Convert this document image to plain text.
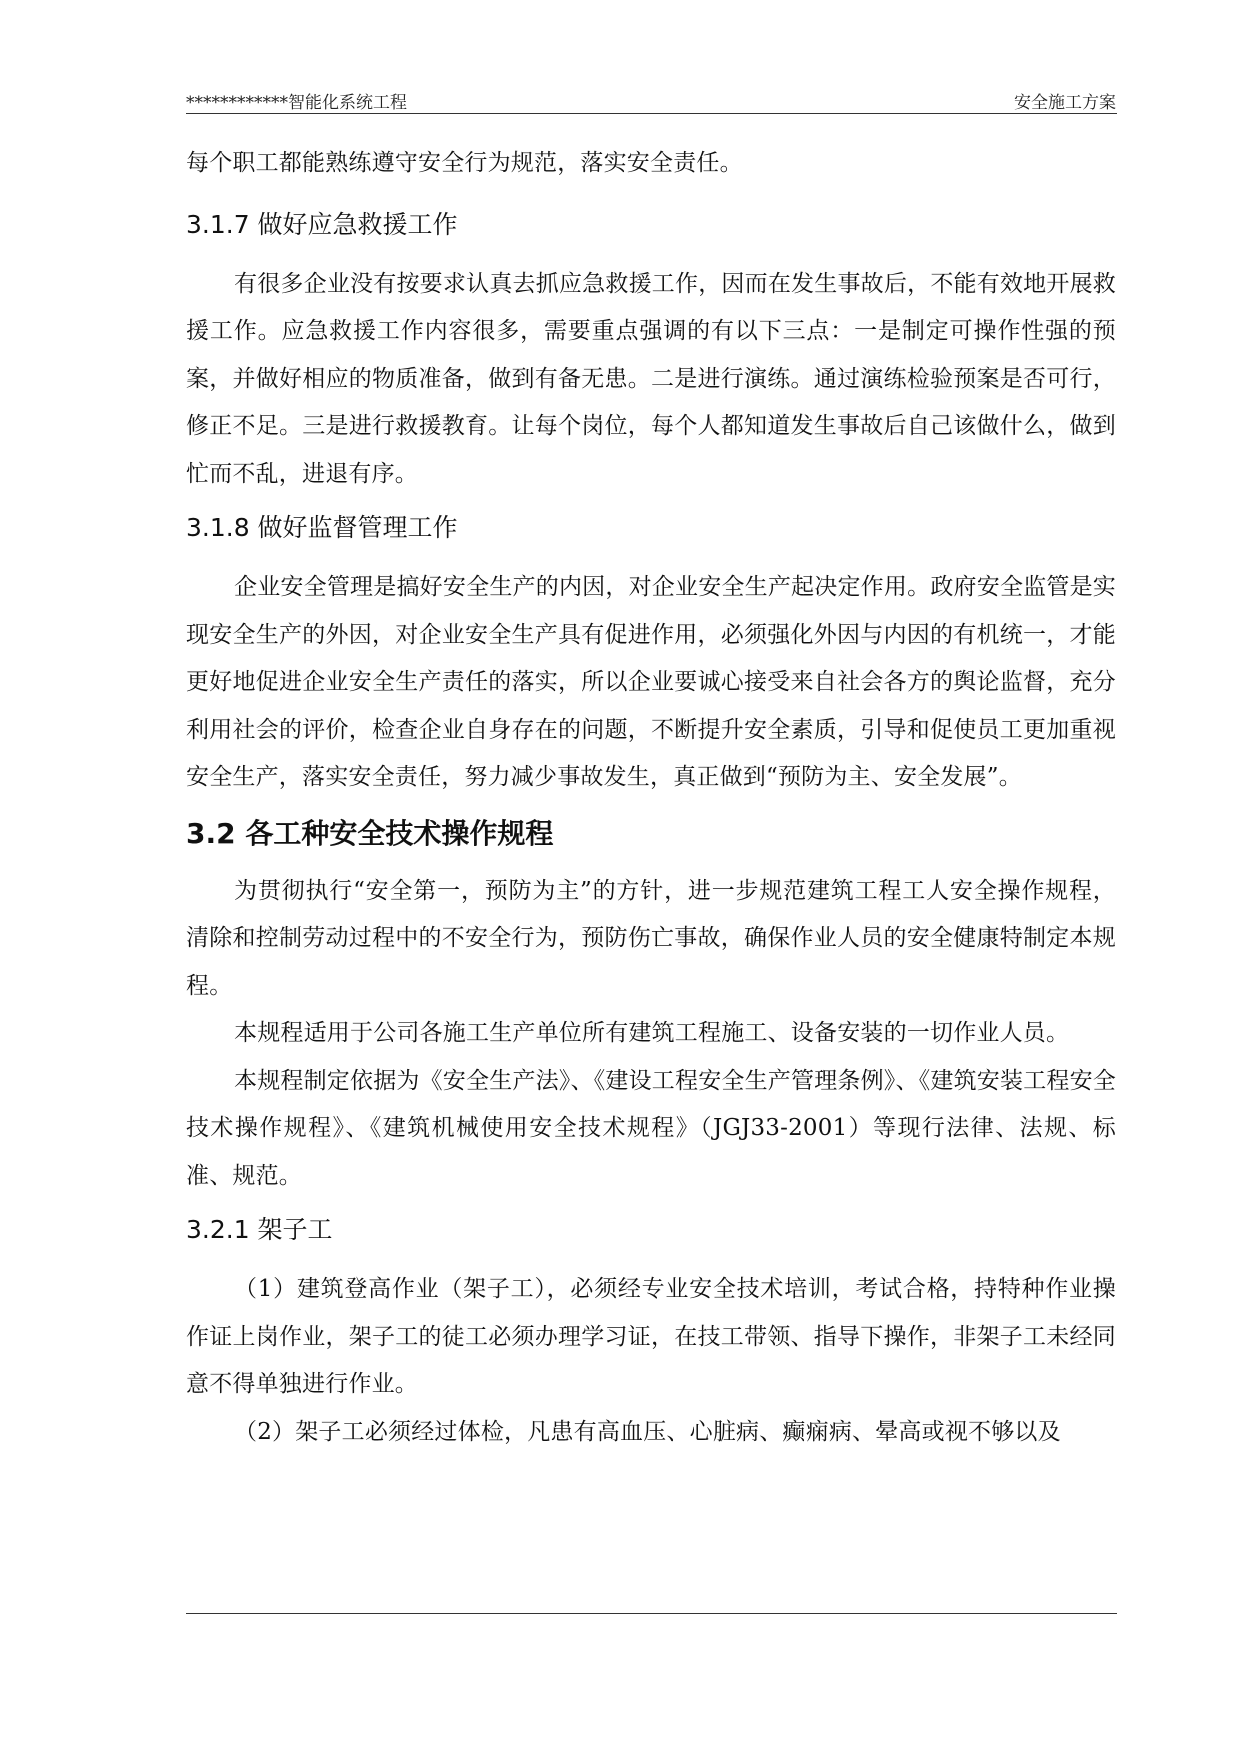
************智能化系统工程	安全施工方案

每个职工都能熟练遵守安全行为规范，落实安全责任。

3.1.7 做好应急救援工作

有很多企业没有按要求认真去抓应急救援工作，因而在发生事故后，不能有效地开展救援工作。应急救援工作内容很多，需要重点强调的有以下三点：一是制定可操作性强的预案，并做好相应的物质准备，做到有备无患。二是进行演练。通过演练检验预案是否可行，修正不足。三是进行救援教育。让每个岗位，每个人都知道发生事故后自己该做什么，做到忙而不乱，进退有序。

3.1.8 做好监督管理工作

企业安全管理是搞好安全生产的内因，对企业安全生产起决定作用。政府安全监管是实现安全生产的外因，对企业安全生产具有促进作用，必须强化外因与内因的有机统一，才能更好地促进企业安全生产责任的落实，所以企业要诚心接受来自社会各方的舆论监督，充分利用社会的评价，检查企业自身存在的问题，不断提升安全素质，引导和促使员工更加重视安全生产，落实安全责任，努力减少事故发生，真正做到“预防为主、安全发展”。

3.2 各工种安全技术操作规程

为贯彻执行“安全第一，预防为主”的方针，进一步规范建筑工程工人安全操作规程，清除和控制劳动过程中的不安全行为，预防伤亡事故，确保作业人员的安全健康特制定本规程。

本规程适用于公司各施工生产单位所有建筑工程施工、设备安装的一切作业人员。

本规程制定依据为《安全生产法》、《建设工程安全生产管理条例》、《建筑安装工程安全技术操作规程》、《建筑机械使用安全技术规程》（JGJ33-2001）等现行法律、法规、标准、规范。

3.2.1 架子工

（1）建筑登高作业（架子工），必须经专业安全技术培训，考试合格，持特种作业操作证上岗作业，架子工的徒工必须办理学习证，在技工带领、指导下操作，非架子工未经同意不得单独进行作业。

（2）架子工必须经过体检，凡患有高血压、心脏病、癫痫病、晕高或视不够以及
